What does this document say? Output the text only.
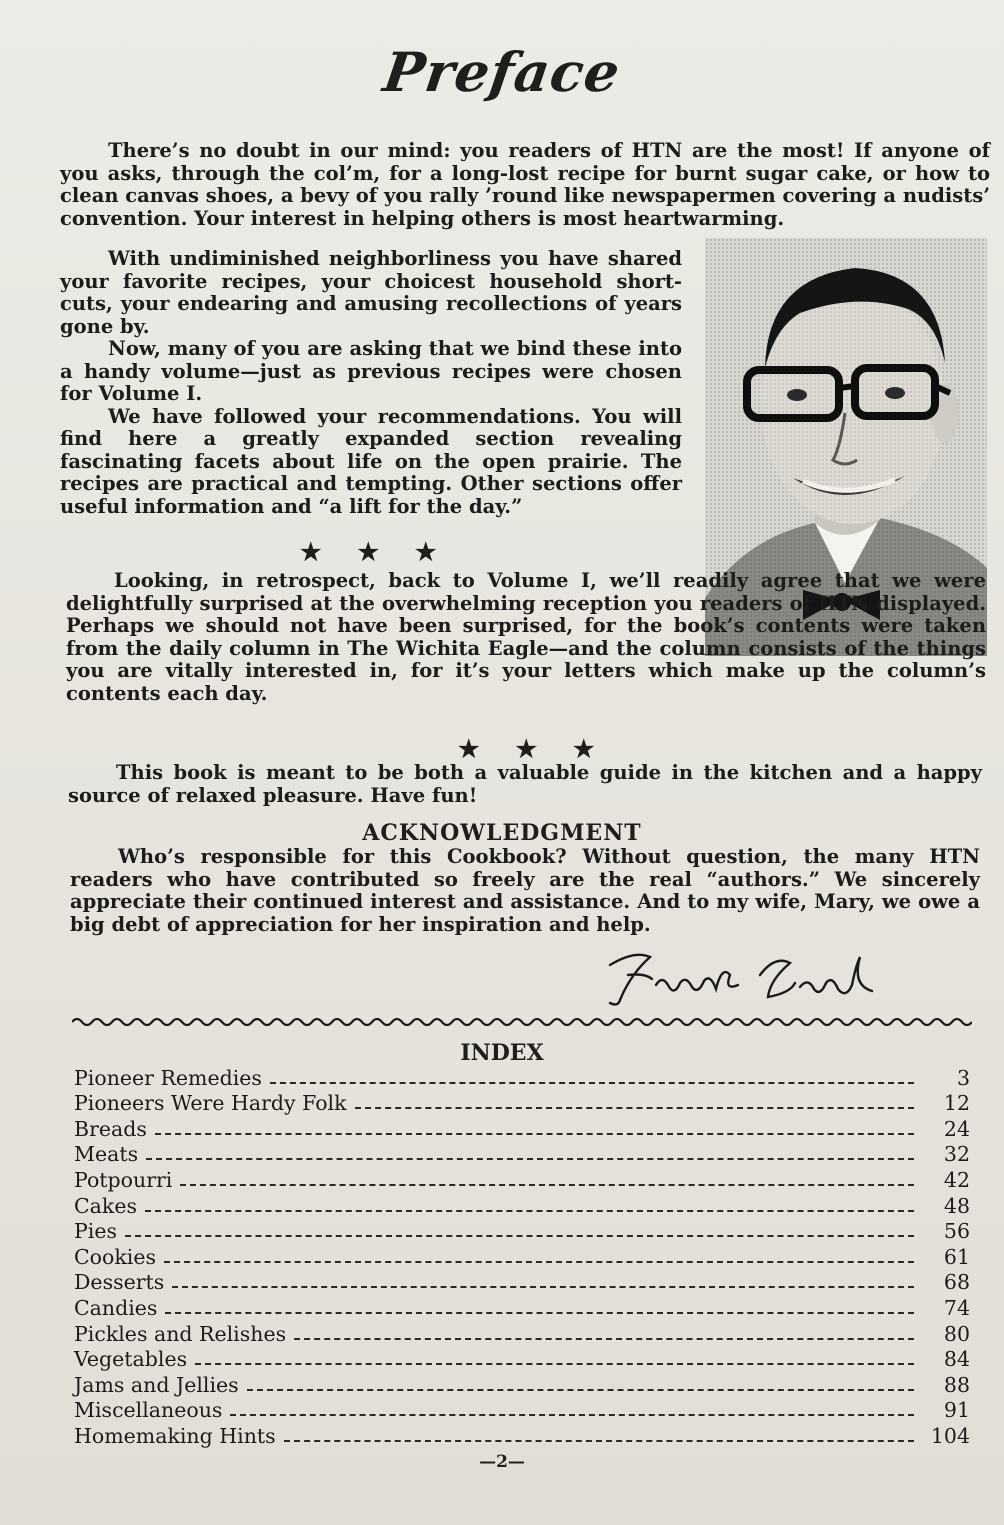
Preface

There’s no doubt in our mind: you readers of HTN are the most! If anyone of you asks, through the col’m, for a long-lost recipe for burnt sugar cake, or how to clean canvas shoes, a bevy of you rally ’round like newspapermen covering a nudists’ convention. Your interest in helping others is most heartwarming.

With undiminished neighborliness you have shared your favorite recipes, your choicest household short-cuts, your endearing and amusing recollections of years gone by.

Now, many of you are asking that we bind these into a handy volume—just as previous recipes were chosen for Volume I.

We have followed your recommendations. You will find here a greatly expanded section revealing fascinating facets about life on the open prairie. The recipes are practical and tempting. Other sections offer useful information and “a lift for the day.”

★★★

Looking, in retrospect, back to Volume I, we’ll readily agree that we were delightfully surprised at the overwhelming reception you readers of HTN displayed. Perhaps we should not have been surprised, for the book’s contents were taken from the daily column in The Wichita Eagle—and the column consists of the things you are vitally interested in, for it’s your letters which make up the column’s contents each day.

★★★

This book is meant to be both a valuable guide in the kitchen and a happy source of relaxed pleasure. Have fun!

ACKNOWLEDGMENT

Who’s responsible for this Cookbook? Without question, the many HTN readers who have contributed so freely are the real “authors.” We sincerely appreciate their continued interest and assistance. And to my wife, Mary, we owe a big debt of appreciation for her inspiration and help.

INDEX
Pioneer Remedies	3
Pioneers Were Hardy Folk	12
Breads	24
Meats	32
Potpourri	42
Cakes	48
Pies	56
Cookies	61
Desserts	68
Candies	74
Pickles and Relishes	80
Vegetables	84
Jams and Jellies	88
Miscellaneous	91
Homemaking Hints	104
—2—
